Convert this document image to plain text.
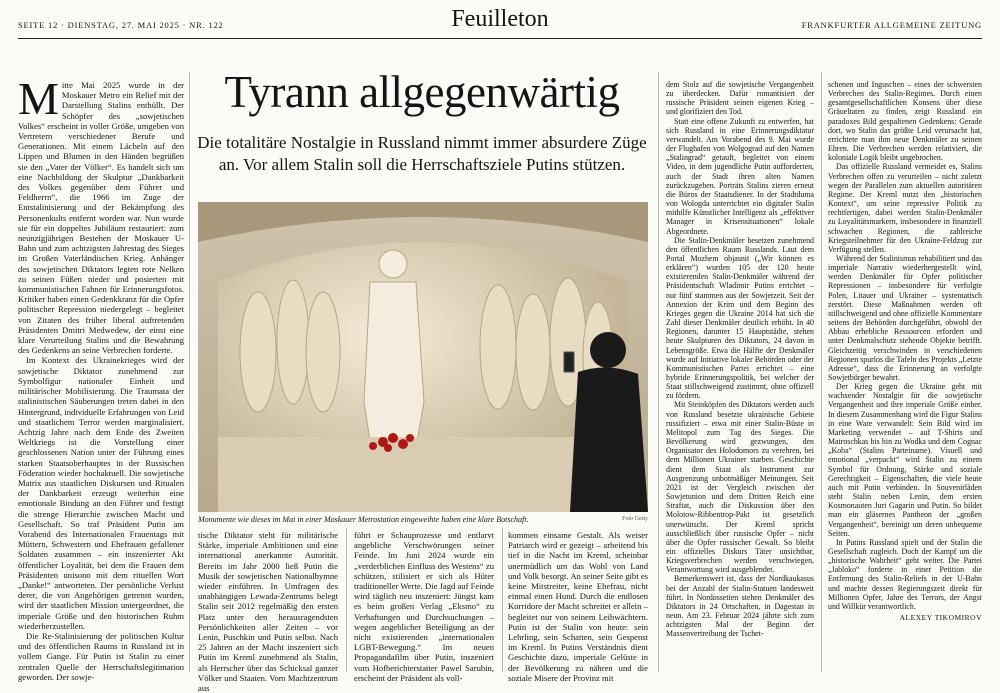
SEITE 12 · DIENSTAG, 27. MAI 2025 · NR. 122	Feuilleton	FRANKFURTER ALLGEMEINE ZEITUNG

Mitte Mai 2025 wurde in der Moskauer Metro ein Relief mit der Darstellung Stalins enthüllt. Der Schöpfer des „sowjetischen Volkes“ erscheint in voller Größe, umgeben von Vertretern verschiedener Berufe und Generationen. Mit einem Lächeln auf den Lippen und Blumen in den Händen begrüßen sie den „Vater der Völker“. Es handelt sich um eine Nachbildung der Skulptur „Dankbarkeit des Volkes gegenüber dem Führer und Feldherrn“, die 1966 im Zuge der Entstalinisierung und der Bekämpfung des Personenkults entfernt worden war. Nun wurde sie für ein doppeltes Jubiläum restauriert: zum neunzigjährigen Bestehen der Moskauer U-Bahn und zum achtzigsten Jahrestag des Sieges im Großen Vaterländischen Krieg. Anhänger des sowjetischen Diktators legten rote Nelken zu seinen Füßen nieder und posierten mit kommunistischen Fahnen für Erinnerungsfotos. Kritiker haben einen Gedenkkranz für die Opfer politischer Repression niedergelegt – begleitet von Zitaten des früher liberal auftretenden Präsidenten Dmitri Medwedew, der einst eine klare Verurteilung Stalins und die Bewahrung des Gedenkens an seine Verbrechen forderte.

Im Kontext des Ukrainekrieges wird der sowjetische Diktator zunehmend zur Symbolfigur nationaler Einheit und militärischer Mobilisierung. Die Traumata der stalinistischen Säuberungen treten dabei in den Hintergrund, individuelle Erfahrungen von Leid und staatlichem Terror werden marginalisiert. Achtzig Jahre nach dem Ende des Zweiten Weltkriegs ist die Vorstellung einer geschlossenen Nation unter der Führung eines starken Staatsoberhauptes in der Russischen Föderation wieder hochaktuell. Die sowjetische Matrix aus staatlichen Diskursen und Ritualen der Dankbarkeit erzeugt weiterhin eine emotionale Bindung an den Führer und festigt die strenge Hierarchie zwischen Macht und Gesellschaft. So traf Präsident Putin am Vorabend des Internationalen Frauentags mit Müttern, Schwestern und Ehefrauen gefallener Soldaten zusammen – ein inszenierter Akt öffentlicher Loyalität, bei dem die Frauen dem Präsidenten unisono mit dem rituellen Wort „Danke!“ antworteten. Der persönliche Verlust derer, die von Angehörigen getrennt wurden, wird der staatlichen Mission untergeordnet, die imperiale Größe und den historischen Ruhm wiederherzustellen.

Die Re-Stalinisierung der politischen Kultur und des öffentlichen Raums in Russland ist in vollem Gange. Für Putin ist Stalin zu einer zentralen Quelle der Herrschaftslegitimation geworden. Der sowje-

Tyrann allgegenwärtig
Die totalitäre Nostalgie in Russland nimmt immer absurdere Züge an. Vor allem Stalin soll die Herrschaftsziele Putins stützen.
Monumente wie dieses im Mai in einer Moskauer Metrostation eingeweihte haben eine klare Botschaft.	Foto Getty

tische Diktator steht für militärische Stärke, imperiale Ambitionen und eine international anerkannte Autorität. Bereits im Jahr 2000 ließ Putin die Musik der sowjetischen Nationalhymne wieder einführen. In Umfragen des unabhängigen Lewada-Zentrums belegt Stalin seit 2012 regelmäßig den ersten Platz unter den herausragendsten Persönlichkeiten aller Zeiten – vor Lenin, Puschkin und Putin selbst. Nach 25 Jahren an der Macht inszeniert sich Putin im Kreml zunehmend als Stalin, als Herrscher über das Schicksal ganzer Völker und Staaten. Vom Machtzentrum aus

führt er Schauprozesse und entlarvt angebliche Verschwörungen seiner Feinde. Im Juni 2024 wurde ein „verderblichen Einfluss des Westens“ zu schützen, stilisiert er sich als Hüter traditioneller Werte. Die Jagd auf Feinde wird täglich neu inszeniert: Jüngst kam es beim großen Verlag „Eksmo“ zu Verhaftungen und Durchsuchungen – wegen angeblicher Beteiligung an der nicht existierenden „internationalen LGBT-Bewegung.“ Im neuen Propagandafilm über Putin, inszeniert vom Hofberichterstatter Pawel Sarubin, erscheint der Präsident als voll-

kommen einsame Gestalt. Als weiser Patriarch wird er gezeigt – arbeitend bis tief in die Nacht im Kreml, scheinbar unermüdlich um das Wohl von Land und Volk besorgt. An seiner Seite gibt es keine Mitstreiter, keine Ehefrau, nicht einmal einen Hund. Durch die endlosen Korridore der Macht schreitet er allein – begleitet nur von seinem Leibwächtern. Putin ist der Stalin von heute: sein Lehrling, sein Schatten, sein Gespenst im Kreml. In Putins Verständnis dient Geschichte dazu, imperiale Gelüste in der Bevölkerung zu nähren und die soziale Misere der Provinz mit

dem Stolz auf die sowjetische Vergangenheit zu überdecken. Dafür romantisiert der russische Präsident seinen eigenen Krieg – und glorifiziert den Tod.

Statt eine offene Zukunft zu entwerfen, hat sich Russland in eine Erinnerungsdiktatur verwandelt. Am Vorabend des 9. Mai wurde der Flughafen von Wolgograd auf den Namen „Stalingrad“ getauft, begleitet von einem Video, in dem jugendliche Putin aufforderten, auch der Stadt ihren alten Namen zurückzugeben. Porträts Stalins zieren erneut die Büros der Staatsdiener. In der Stadtduma von Wologda unterrichtet ein digitaler Stalin mithilfe Künstlicher Intelligenz als „effektiver Manager in Krisensituationen“ lokale Abgeordnete.

Die Stalin-Denkmäler besetzen zunehmend den öffentlichen Raum Russlands. Laut dem Portal Mozhem objasnit („Wir können es erklären“) wurden 105 der 120 heute existierenden Stalin-Denkmäler während der Präsidentschaft Wladimir Putins errichtet – nur fünf stammen aus der Sowjetzeit. Seit der Annexion der Krim und dem Beginn des Krieges gegen die Ukraine 2014 hat sich die Zahl dieser Denkmäler deutlich erhöht. In 40 Regionen, darunter 15 Hauptstädte, stehen heute Skulpturen des Diktators, 24 davon in Lebensgröße. Etwa die Hälfte der Denkmäler wurde auf Initiative lokaler Behörden oder der Kommunistischen Partei errichtet – eine hybride Erinnerungspolitik, bei welcher der Staat stillschweigend zustimmt, ohne offiziell zu fördern.

Mit Steinköpfen des Diktators werden auch von Russland besetzte ukrainische Gebiete russifiziert – etwa mit einer Stalin-Büste in Melitopol zum Tag des Sieges. Die Bevölkerung wird gezwungen, den Organisator des Holodomors zu verehren, bei dem Millionen Ukrainer starben. Geschichte dient dem Staat als Instrument zur Ausgrenzung unbotmäßiger Meinungen. Seit 2021 ist der Vergleich zwischen der Sowjetunion und dem Dritten Reich eine Straftat, auch die Diskussion über den Molotow-Ribbentrop-Pakt ist gesetzlich unerwünscht. Der Kreml spricht ausschließlich über russische Opfer – nicht über die Opfer russischer Gewalt. So bleibt ein offizielles Diskurs Täter unsichtbar, Kriegsverbrechen werden verschwiegen, Verantwortung wird ausgeblendet.

Bemerkenswert ist, dass der Nordkaukasus bei der Anzahl der Stalin-Statuen landesweit führt. In Nordossetien stehen Denkmäler des Diktators in 24 Ortschaften, in Dagestan in neun. Am 23. Februar 2024 jährte sich zum achtzigsten Mal der Beginn der Massenvertreibung der Tschet-

schenen und Inguschen – eines der schwersten Verbrechen des Stalin-Regimes. Durch einen gesamtgesellschaftlichen Konsens über diese Gräueltaten zu finden, zeigt Russland ein paradoxes Bild gespaltenen Gedenkens: Gerade dort, wo Stalin das größte Leid verursacht hat, errichtete man ihm neue Denkmäler zu seinen Ehren. Die Verbrechen werden relativiert, die koloniale Logik bleibt ungebrochen.

Das offizielle Russland vermeidet es, Stalins Verbrechen offen zu verurteilen – nicht zuletzt wegen der Parallelen zum aktuellen autoritären Regime. Der Kreml nutzt den „historischen Kontext“, um seine repressive Politik zu rechtfertigen, dabei werden Stalin-Denkmäler zu Loyalitätsmarkern, insbesondere in finanziell schwachen Regionen, die zahlreiche Kriegsteilnehmer für den Ukraine-Feldzug zur Verfügung stellen.

Während der Stalinismus rehabilitiert und das imperiale Narrativ wiederhergestellt wird, werden Denkmäler für Opfer politischer Repressionen – insbesondere für verfolgte Polen, Litauer und Ukrainer – systematisch zerstört. Diese Maßnahmen werden oft stillschweigend und ohne offizielle Kommentare seitens der Behörden durchgeführt, obwohl der Abbau erhebliche Ressourcen erfordert und unter Denkmalschutz stehende Objekte betrifft. Gleichzeitig verschwinden in verschiedenen Regionen spurlos die Tafeln des Projekts „Letzte Adresse“, dass die Erinnerung an verfolgte Sowjetbürger bewahrt.

Der Krieg gegen die Ukraine geht mit wachsender Nostalgie für die sowjetische Vergangenheit und ihre imperiale Größe einher. In diesem Zusammenhang wird die Figur Stalins in eine Ware verwandelt: Sein Bild wird im Marketing verwendet – auf T-Shirts und Matroschkas bis hin zu Wodka und dem Cognac „Koba“ (Stalins Parteiname). Visuell und emotional „verpackt“ wird Stalin zu einem Symbol für Ordnung, Stärke und soziale Gerechtigkeit – Eigenschaften, die viele heute auch mit Putin verbinden. In Souvenirläden steht Stalin neben Lenin, dem ersten Kosmonauten Juri Gagarin und Putin. So bildet man ein gläsernes Pantheon der „großen Vergangenheit“, bereinigt um deren unbequeme Seiten.

In Putins Russland spielt und der Stalin die Gesellschaft zugleich. Doch der Kampf um die „historische Wahrheit“ geht weiter. Die Partei „Jabloko“ forderte in einer Petition die Entfernung des Stalin-Reliefs in der U-Bahn und machte dessen Regierungszeit direkt für Millionen Opfer, Jahre des Terrors, der Angst und Willkür verantwortlich.

ALEXEY TIKOMIROV
